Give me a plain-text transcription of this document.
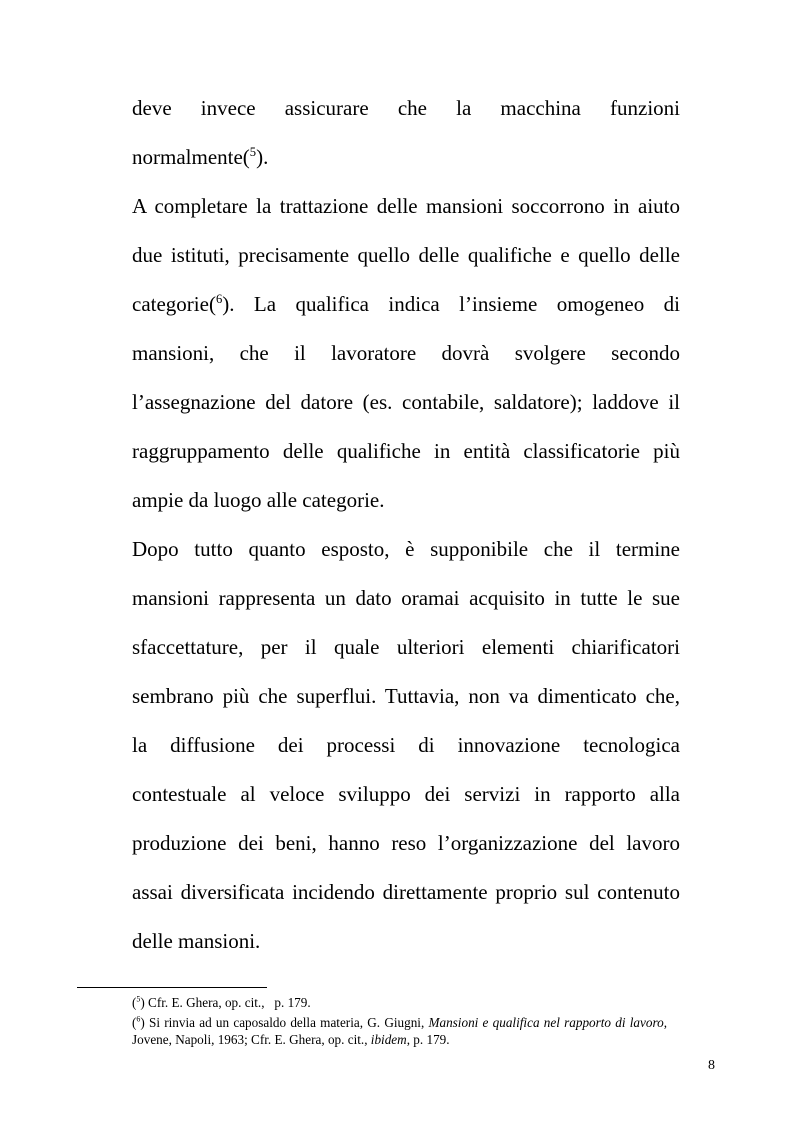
deve invece assicurare che la macchina funzioni
normalmente($^5$).
A completare la trattazione delle mansioni soccorrono in aiuto
due istituti, precisamente quello delle qualifiche e quello delle
categorie($^6$). La qualifica indica l’insieme omogeneo di
mansioni, che il lavoratore dovrà svolgere secondo
l’assegnazione del datore (es. contabile, saldatore); laddove il
raggruppamento delle qualifiche in entità classificatorie più
ampie da luogo alle categorie.
Dopo tutto quanto esposto, è supponibile che il termine
mansioni rappresenta un dato oramai acquisito in tutte le sue
sfaccettature, per il quale ulteriori elementi chiarificatori
sembrano più che superflui. Tuttavia, non va dimenticato che,
la diffusione dei processi di innovazione tecnologica
contestuale al veloce sviluppo dei servizi in rapporto alla
produzione dei beni, hanno reso l’organizzazione del lavoro
assai diversificata incidendo direttamente proprio sul contenuto
delle mansioni.
($^5$) Cfr. E. Ghera, op. cit.,   p. 179.
($^6$) Si rinvia ad un caposaldo della materia, G. Giugni, Mansioni e qualifica nel rapporto di lavoro,
Jovene, Napoli, 1963; Cfr. E. Ghera, op. cit., ibidem, p. 179.
8
